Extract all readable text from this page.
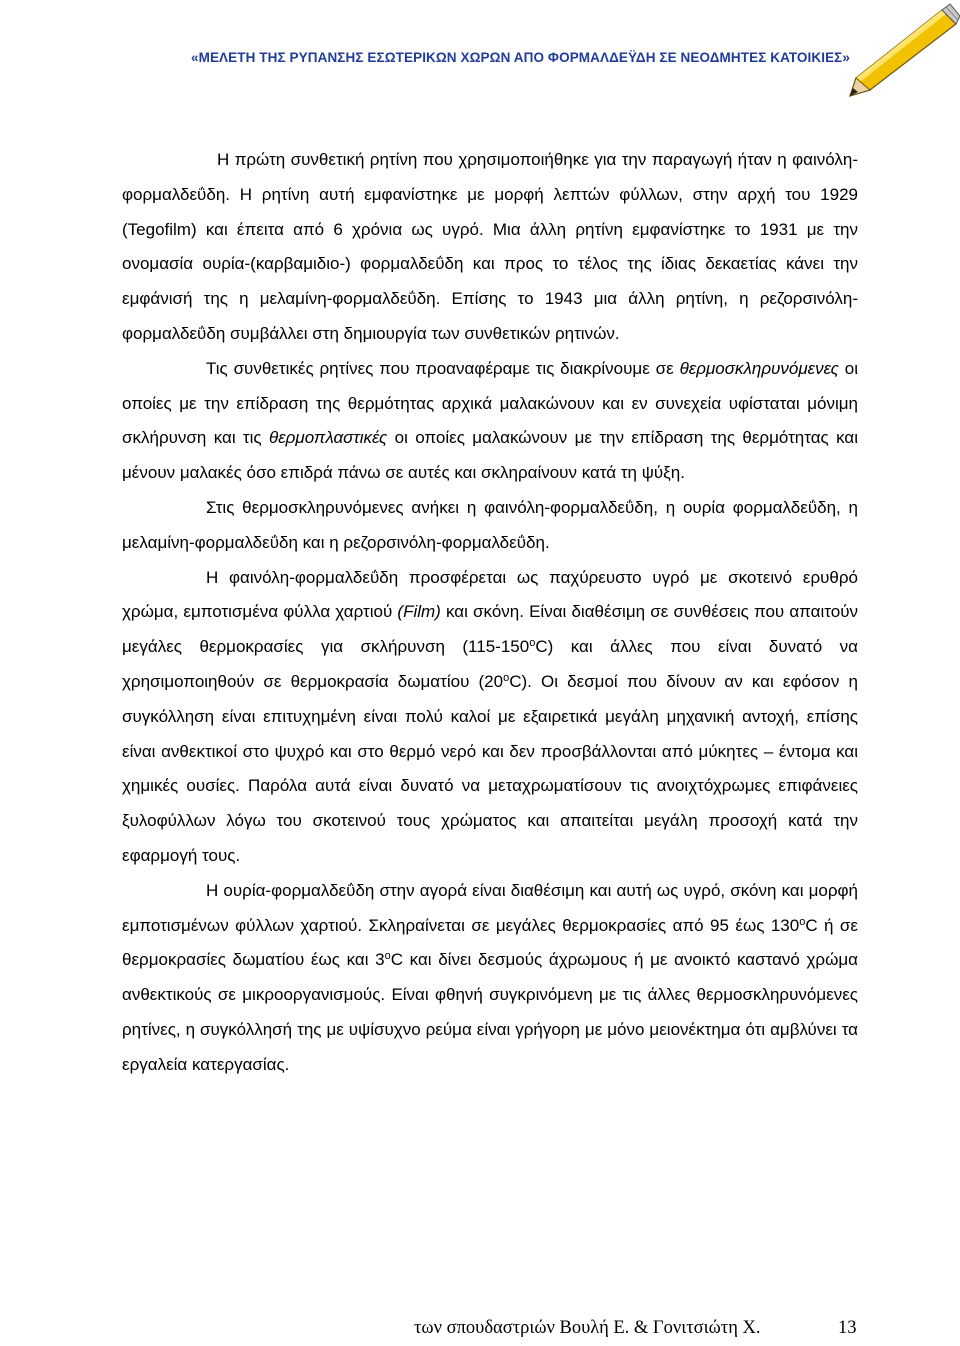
«ΜΕΛΕΤΗ ΤΗΣ ΡΥΠΑΝΣΗΣ ΕΣΩΤΕΡΙΚΩΝ ΧΩΡΩΝ ΑΠΟ ΦΟΡΜΑΛΔΕΫΔΗ ΣΕ ΝΕΟΔΜΗΤΕΣ ΚΑΤΟΙΚΙΕΣ»

Η πρώτη συνθετική ρητίνη που χρησιμοποιήθηκε για την παραγωγή ήταν η φαινόλη-φορμαλδεΰδη. Η ρητίνη αυτή εμφανίστηκε με μορφή λεπτών φύλλων, στην αρχή του 1929 (Tegofilm) και έπειτα από 6 χρόνια ως υγρό. Μια άλλη ρητίνη εμφανίστηκε το 1931 με την ονομασία ουρία-(καρβαμιδιο-) φορμαλδεΰδη και προς το τέλος της ίδιας δεκαετίας κάνει την εμφάνισή της η μελαμίνη-φορμαλδεΰδη. Επίσης το 1943 μια άλλη ρητίνη, η ρεζορσινόλη-φορμαλδεΰδη συμβάλλει στη δημιουργία των συνθετικών ρητινών.

Τις συνθετικές ρητίνες που προαναφέραμε τις διακρίνουμε σε θερμοσκληρυνόμενες οι οποίες με την επίδραση της θερμότητας αρχικά μαλακώνουν και εν συνεχεία υφίσταται μόνιμη σκλήρυνση και τις θερμοπλαστικές οι οποίες μαλακώνουν με την επίδραση της θερμότητας και μένουν μαλακές όσο επιδρά πάνω σε αυτές και σκληραίνουν κατά τη ψύξη.

Στις θερμοσκληρυνόμενες ανήκει η φαινόλη-φορμαλδεΰδη, η ουρία φορμαλδεΰδη, η μελαμίνη-φορμαλδεΰδη και η ρεζορσινόλη-φορμαλδεΰδη.

Η φαινόλη-φορμαλδεΰδη προσφέρεται ως παχύρευστο υγρό με σκοτεινό ερυθρό χρώμα, εμποτισμένα φύλλα χαρτιού (Film) και σκόνη. Είναι διαθέσιμη σε συνθέσεις που απαιτούν μεγάλες θερμοκρασίες για σκλήρυνση $(115-150^oC)$ και άλλες που είναι δυνατό να χρησιμοποιηθούν σε θερμοκρασία δωματίου $(20^oC)$. Οι δεσμοί που δίνουν αν και εφόσον η συγκόλληση είναι επιτυχημένη είναι πολύ καλοί με εξαιρετικά μεγάλη μηχανική αντοχή, επίσης είναι ανθεκτικοί στο ψυχρό και στο θερμό νερό και δεν προσβάλλονται από μύκητες – έντομα και χημικές ουσίες. Παρόλα αυτά είναι δυνατό να μεταχρωματίσουν τις ανοιχτόχρωμες επιφάνειες ξυλοφύλλων λόγω του σκοτεινού τους χρώματος και απαιτείται μεγάλη προσοχή κατά την εφαρμογή τους.

Η ουρία-φορμαλδεΰδη στην αγορά είναι διαθέσιμη και αυτή ως υγρό, σκόνη και μορφή εμποτισμένων φύλλων χαρτιού. Σκληραίνεται σε μεγάλες θερμοκρασίες από 95 έως $130^oC$ ή σε θερμοκρασίες δωματίου έως και $3^oC$ και δίνει δεσμούς άχρωμους ή με ανοικτό καστανό χρώμα ανθεκτικούς σε μικροοργανισμούς. Είναι φθηνή συγκρινόμενη με τις άλλες θερμοσκληρυνόμενες ρητίνες, η συγκόλλησή της με υψίσυχνο ρεύμα είναι γρήγορη με μόνο μειονέκτημα ότι αμβλύνει τα εργαλεία κατεργασίας.

των σπουδαστριών Βουλή Ε. & Γονιτσιώτη Χ.	13
